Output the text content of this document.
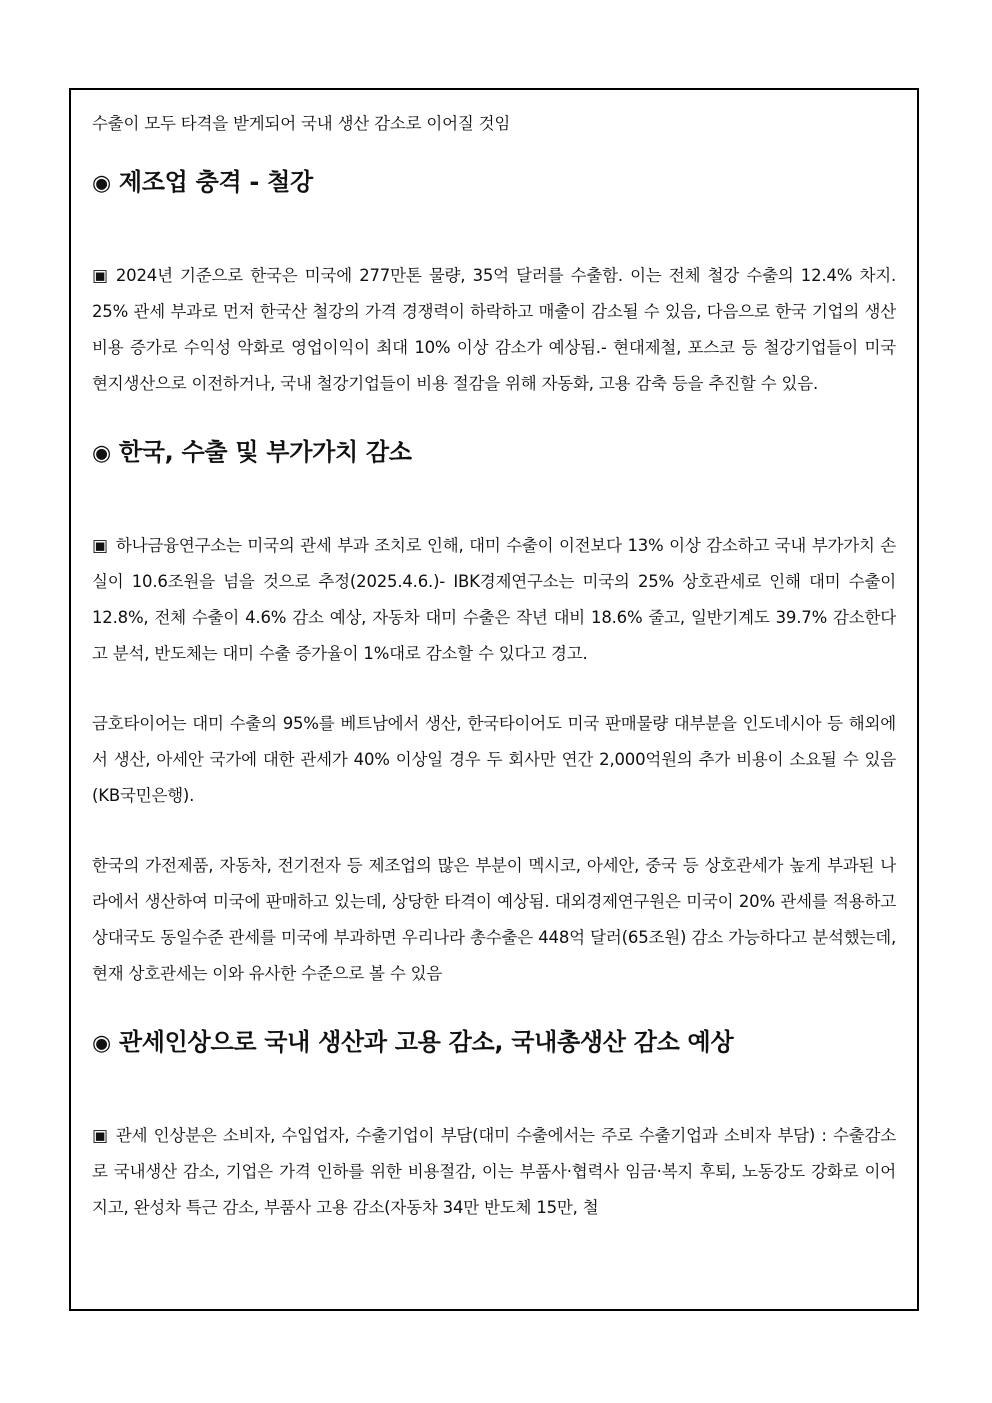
수출이 모두 타격을 받게되어 국내 생산 감소로 이어질 것임

◉ 제조업 충격 - 철강

▣ 2024년 기준으로 한국은 미국에 277만톤 물량, 35억 달러를 수출함. 이는 전체 철강 수출의 12.4% 차지. 25% 관세 부과로 먼저 한국산 철강의 가격 경쟁력이 하락하고 매출이 감소될 수 있음, 다음으로 한국 기업의 생산비용 증가로 수익성 악화로 영업이익이 최대 10% 이상 감소가 예상됨.- 현대제철, 포스코 등 철강기업들이 미국 현지생산으로 이전하거나, 국내 철강기업들이 비용 절감을 위해 자동화, 고용 감축 등을 추진할 수 있음.

◉ 한국, 수출 및 부가가치 감소

▣ 하나금융연구소는 미국의 관세 부과 조치로 인해, 대미 수출이 이전보다 13% 이상 감소하고 국내 부가가치 손실이 10.6조원을 넘을 것으로 추정(2025.4.6.)- IBK경제연구소는 미국의 25% 상호관세로 인해 대미 수출이 12.8%, 전체 수출이 4.6% 감소 예상, 자동차 대미 수출은 작년 대비 18.6% 줄고, 일반기계도 39.7% 감소한다고 분석, 반도체는 대미 수출 증가율이 1%대로 감소할 수 있다고 경고.

금호타이어는 대미 수출의 95%를 베트남에서 생산, 한국타이어도 미국 판매물량 대부분을 인도네시아 등 해외에서 생산, 아세안 국가에 대한 관세가 40% 이상일 경우 두 회사만 연간 2,000억원의 추가 비용이 소요될 수 있음(KB국민은행).

한국의 가전제품, 자동차, 전기전자 등 제조업의 많은 부분이 멕시코, 아세안, 중국 등 상호관세가 높게 부과된 나라에서 생산하여 미국에 판매하고 있는데, 상당한 타격이 예상됨. 대외경제연구원은 미국이 20% 관세를 적용하고 상대국도 동일수준 관세를 미국에 부과하면 우리나라 총수출은 448억 달러(65조원) 감소 가능하다고 분석했는데, 현재 상호관세는 이와 유사한 수준으로 볼 수 있음

◉ 관세인상으로 국내 생산과 고용 감소, 국내총생산 감소 예상

▣ 관세 인상분은 소비자, 수입업자, 수출기업이 부담(대미 수출에서는 주로 수출기업과 소비자 부담) : 수출감소로 국내생산 감소, 기업은 가격 인하를 위한 비용절감, 이는 부품사·협력사 임금·복지 후퇴, 노동강도 강화로 이어지고, 완성차 특근 감소, 부품사 고용 감소(자동차 34만 반도체 15만, 철
